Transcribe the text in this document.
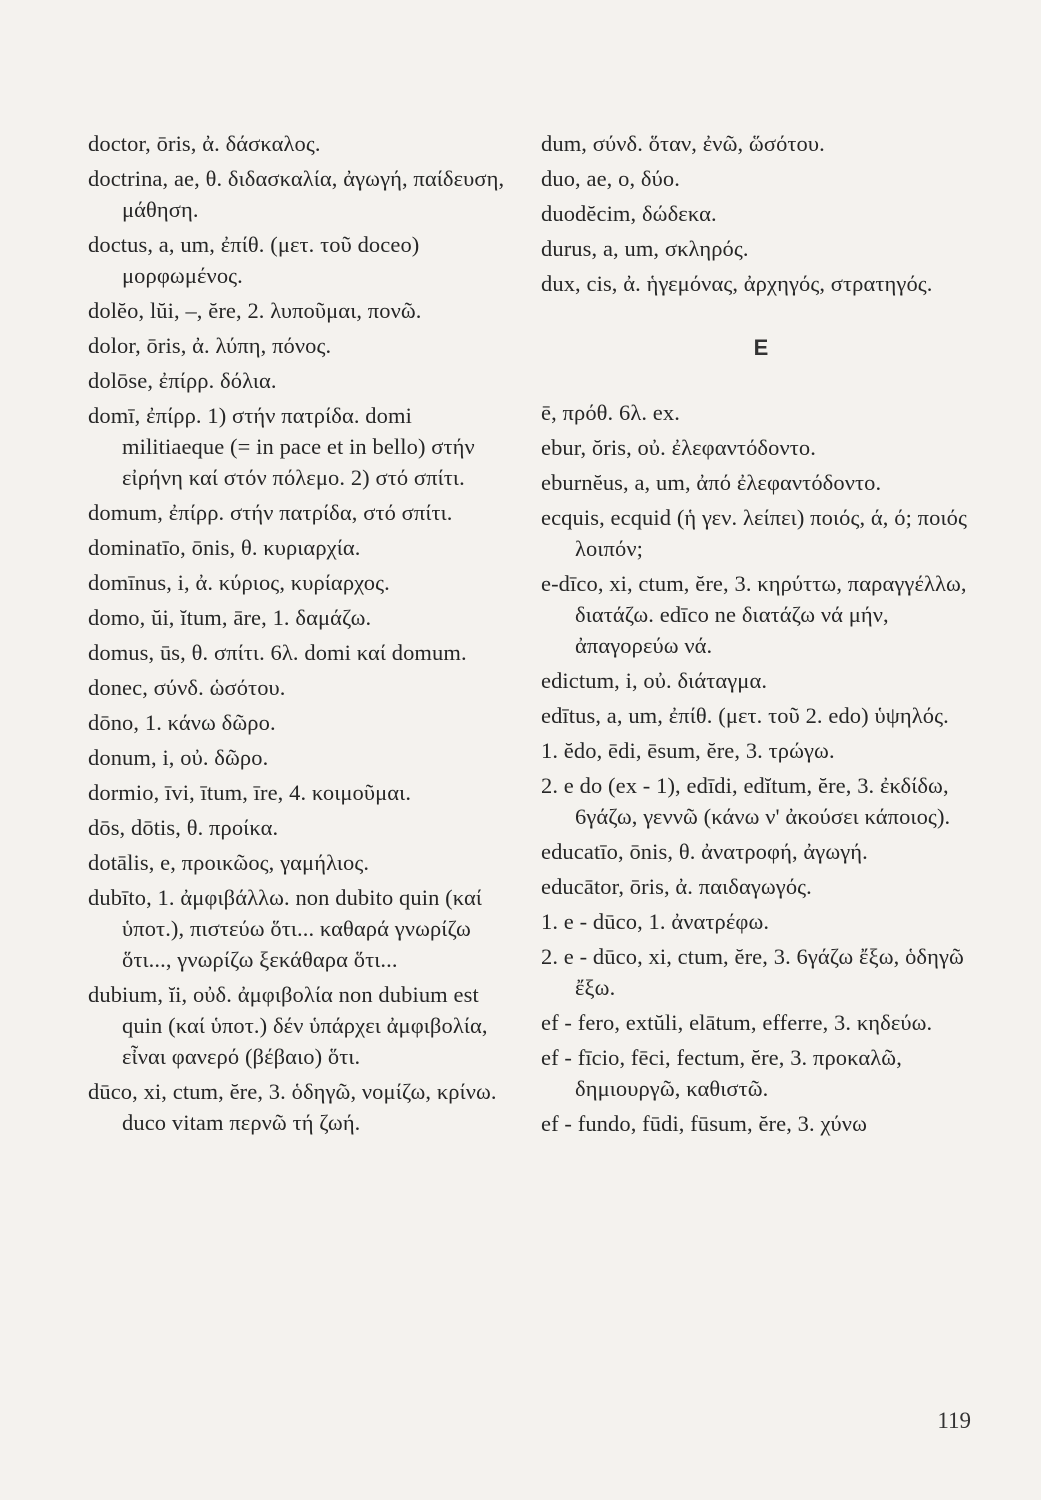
doctor, ōris, ἀ. δάσκαλος.

doctrina, ae, θ. διδασκαλία, ἀγωγή, παίδευση, μάθηση.

doctus, a, um, ἐπίθ. (μετ. τοῦ doceo) μορφωμένος.

dolĕo, lŭi, –, ĕre, 2. λυποῦμαι, πονῶ.

dolor, ōris, ἀ. λύπη, πόνος.

dolōse, ἐπίρρ. δόλια.

domī, ἐπίρρ. 1) στήν πατρίδα. domi militiaeque (= in pace et in bello) στήν εἰρήνη καί στόν πόλεμο. 2) στό σπίτι.

domum, ἐπίρρ. στήν πατρίδα, στό σπίτι.

dominatīo, ōnis, θ. κυριαρχία.

domīnus, i, ἀ. κύριος, κυρίαρχος.

domo, ŭi, ĭtum, āre, 1. δαμάζω.

domus, ūs, θ. σπίτι. 6λ. domi καί domum.

donec, σύνδ. ὡσότου.

dōno, 1. κάνω δῶρο.

donum, i, οὐ. δῶρο.

dormio, īvi, ītum, īre, 4. κοιμοῦμαι.

dōs, dōtis, θ. προίκα.

dotālis, e, προικῶος, γαμήλιος.

dubīto, 1. ἀμφιβάλλω. non dubito quin (καί ὑποτ.), πιστεύω ὅτι... καθαρά γνωρίζω ὅτι..., γνωρίζω ξεκάθαρα ὅτι...

dubium, ĭi, οὐδ. ἀμφιβολία non dubium est quin (καί ὑποτ.) δέν ὑπάρχει ἀμφιβολία, εἶναι φανερό (βέβαιο) ὅτι.

dūco, xi, ctum, ĕre, 3. ὁδηγῶ, νομίζω, κρίνω. duco vitam περνῶ τή ζωή.

dum, σύνδ. ὅταν, ἐνῶ, ὥσότου.

duo, ae, o, δύο.

duodĕcim, δώδεκα.

durus, a, um, σκληρός.

dux, cis, ἀ. ἡγεμόνας, ἀρχηγός, στρατηγός.

E

ē, πρόθ. 6λ. ex.

ebur, ŏris, οὐ. ἐλεφαντόδοντο.

eburnĕus, a, um, ἀπό ἐλεφαντόδοντο.

ecquis, ecquid (ἡ γεν. λείπει) ποιός, ά, ό; ποιός λοιπόν;

e-dīco, xi, ctum, ĕre, 3. κηρύττω, παραγγέλλω, διατάζω. edīco ne διατάζω νά μήν, ἀπαγορεύω νά.

edictum, i, οὐ. διάταγμα.

edītus, a, um, ἐπίθ. (μετ. τοῦ 2. edo) ὑψηλός.

1. ĕdo, ēdi, ēsum, ĕre, 3. τρώγω.

2. e do (ex - 1), edīdi, edĭtum, ĕre, 3. ἐκδίδω, 6γάζω, γεννῶ (κάνω ν' ἀκούσει κάποιος).

educatīo, ōnis, θ. ἀνατροφή, ἀγωγή.

educātor, ōris, ἀ. παιδαγωγός.

1. e - dūco, 1. ἀνατρέφω.

2. e - dūco, xi, ctum, ĕre, 3. 6γάζω ἔξω, ὁδηγῶ ἔξω.

ef - fero, extŭli, elātum, efferre, 3. κηδεύω.

ef - fīcio, fēci, fectum, ĕre, 3. προκαλῶ, δημιουργῶ, καθιστῶ.

ef - fundo, fūdi, fūsum, ĕre, 3. χύνω

119
